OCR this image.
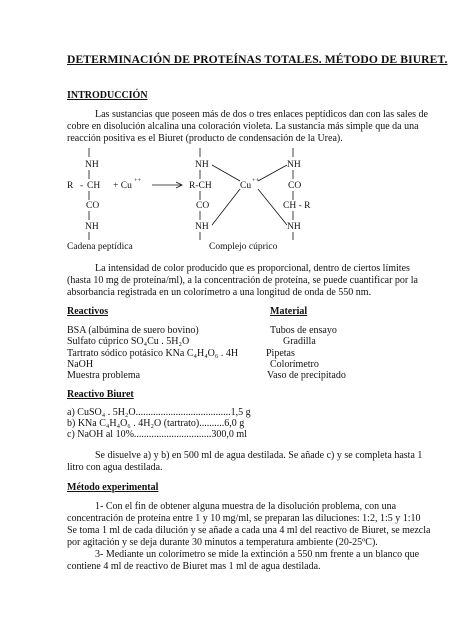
DETERMINACIÓN DE PROTEÍNAS TOTALES. MÉTODO DE BIURET.
INTRODUCCIÓN
Las sustancias que poseen más de dos o tres enlaces peptídicos dan con las sales de
cobre en disolución alcalina una coloración violeta. La sustancia más simple que da una
reacción positiva es el Biuret (producto de condensación de la Urea).
NH
R - CH
CO
NH
+ Cu
++
NH
R-CH
CO
NH
Cu
++
NH
CO
CH - R
NH
Cadena peptídica	Complejo cúprico
La intensidad de color producido que es proporcional, dentro de ciertos límites
(hasta 10 mg de proteína/ml), a la concentración de proteína, se puede cuantificar por la
absorbancia registrada en un colorímetro a una longitud de onda de 550 nm.
Reactivos	Material
BSA (albúmina de suero bovino)
Sulfato cúprico SO₄Cu . 5H₂O
Tartrato sódico potásico KNa C₄H₄O₆ . 4H
NaOH
Muestra problema
Tubos de ensayo
Gradilla
Pipetas
Colorímetro
Vaso de precipitado
Reactivo Biuret
a) CuSO₄ . 5H₂O......................................1,5 g
b) KNa C₄H₄O₆ . 4H₂O (tartrato)..........6,0 g
c) NaOH al 10%...............................300,0 ml
Se disuelve a) y b) en 500 ml de agua destilada. Se añade c) y se completa hasta 1
litro con agua destilada.
Método experimental
1- Con el fin de obtener alguna muestra de la disolución problema, con una
concentración de proteína entre 1 y 10 mg/ml, se preparan las diluciones: 1:2, 1:5 y 1:10
Se toma 1 ml de cada dilución y se añade a cada una 4 ml del reactivo de Biuret, se mezcla
por agitación y se deja durante 30 minutos a temperatura ambiente (20-25ºC).
3- Mediante un colorímetro se mide la extinción a 550 nm frente a un blanco que
contiene 4 ml de reactivo de Biuret mas 1 ml de agua destilada.
